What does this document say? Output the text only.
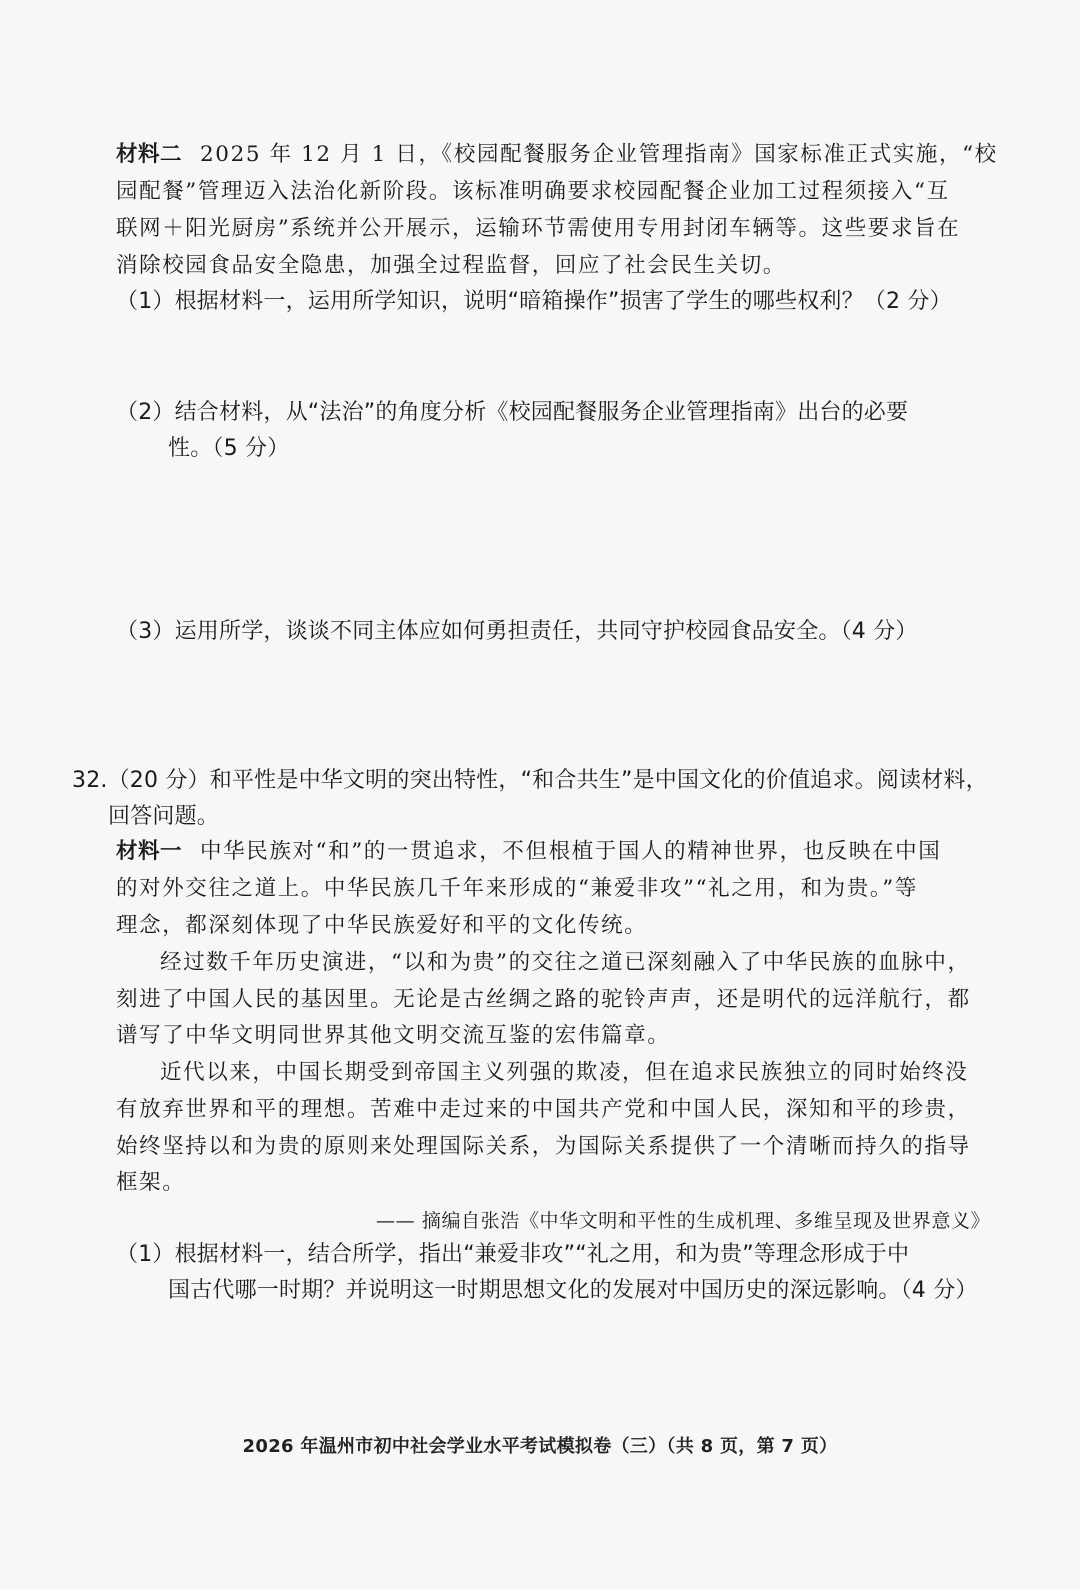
材料二 2025 年 12 月 1 日，《校园配餐服务企业管理指南》国家标准正式实施，“校
园配餐”管理迈入法治化新阶段。该标准明确要求校园配餐企业加工过程须接入“互
联网＋阳光厨房”系统并公开展示，运输环节需使用专用封闭车辆等。这些要求旨在
消除校园食品安全隐患，加强全过程监督，回应了社会民生关切。
（1）根据材料一，运用所学知识，说明“暗箱操作”损害了学生的哪些权利？（2 分）
（2）结合材料，从“法治”的角度分析《校园配餐服务企业管理指南》出台的必要
性。（5 分）
（3）运用所学，谈谈不同主体应如何勇担责任，共同守护校园食品安全。（4 分）
32.（20 分）和平性是中华文明的突出特性，“和合共生”是中国文化的价值追求。阅读材料，
回答问题。
材料一 中华民族对“和”的一贯追求，不但根植于国人的精神世界，也反映在中国
的对外交往之道上。中华民族几千年来形成的“兼爱非攻”“礼之用，和为贵。”等
理念，都深刻体现了中华民族爱好和平的文化传统。
经过数千年历史演进，“以和为贵”的交往之道已深刻融入了中华民族的血脉中，
刻进了中国人民的基因里。无论是古丝绸之路的驼铃声声，还是明代的远洋航行，都
谱写了中华文明同世界其他文明交流互鉴的宏伟篇章。
近代以来，中国长期受到帝国主义列强的欺凌，但在追求民族独立的同时始终没
有放弃世界和平的理想。苦难中走过来的中国共产党和中国人民，深知和平的珍贵，
始终坚持以和为贵的原则来处理国际关系，为国际关系提供了一个清晰而持久的指导
框架。
—— 摘编自张浩《中华文明和平性的生成机理、多维呈现及世界意义》
（1）根据材料一，结合所学，指出“兼爱非攻”“礼之用，和为贵”等理念形成于中
国古代哪一时期？并说明这一时期思想文化的发展对中国历史的深远影响。（4 分）
2026 年温州市初中社会学业水平考试模拟卷（三）（共 8 页，第 7 页）
